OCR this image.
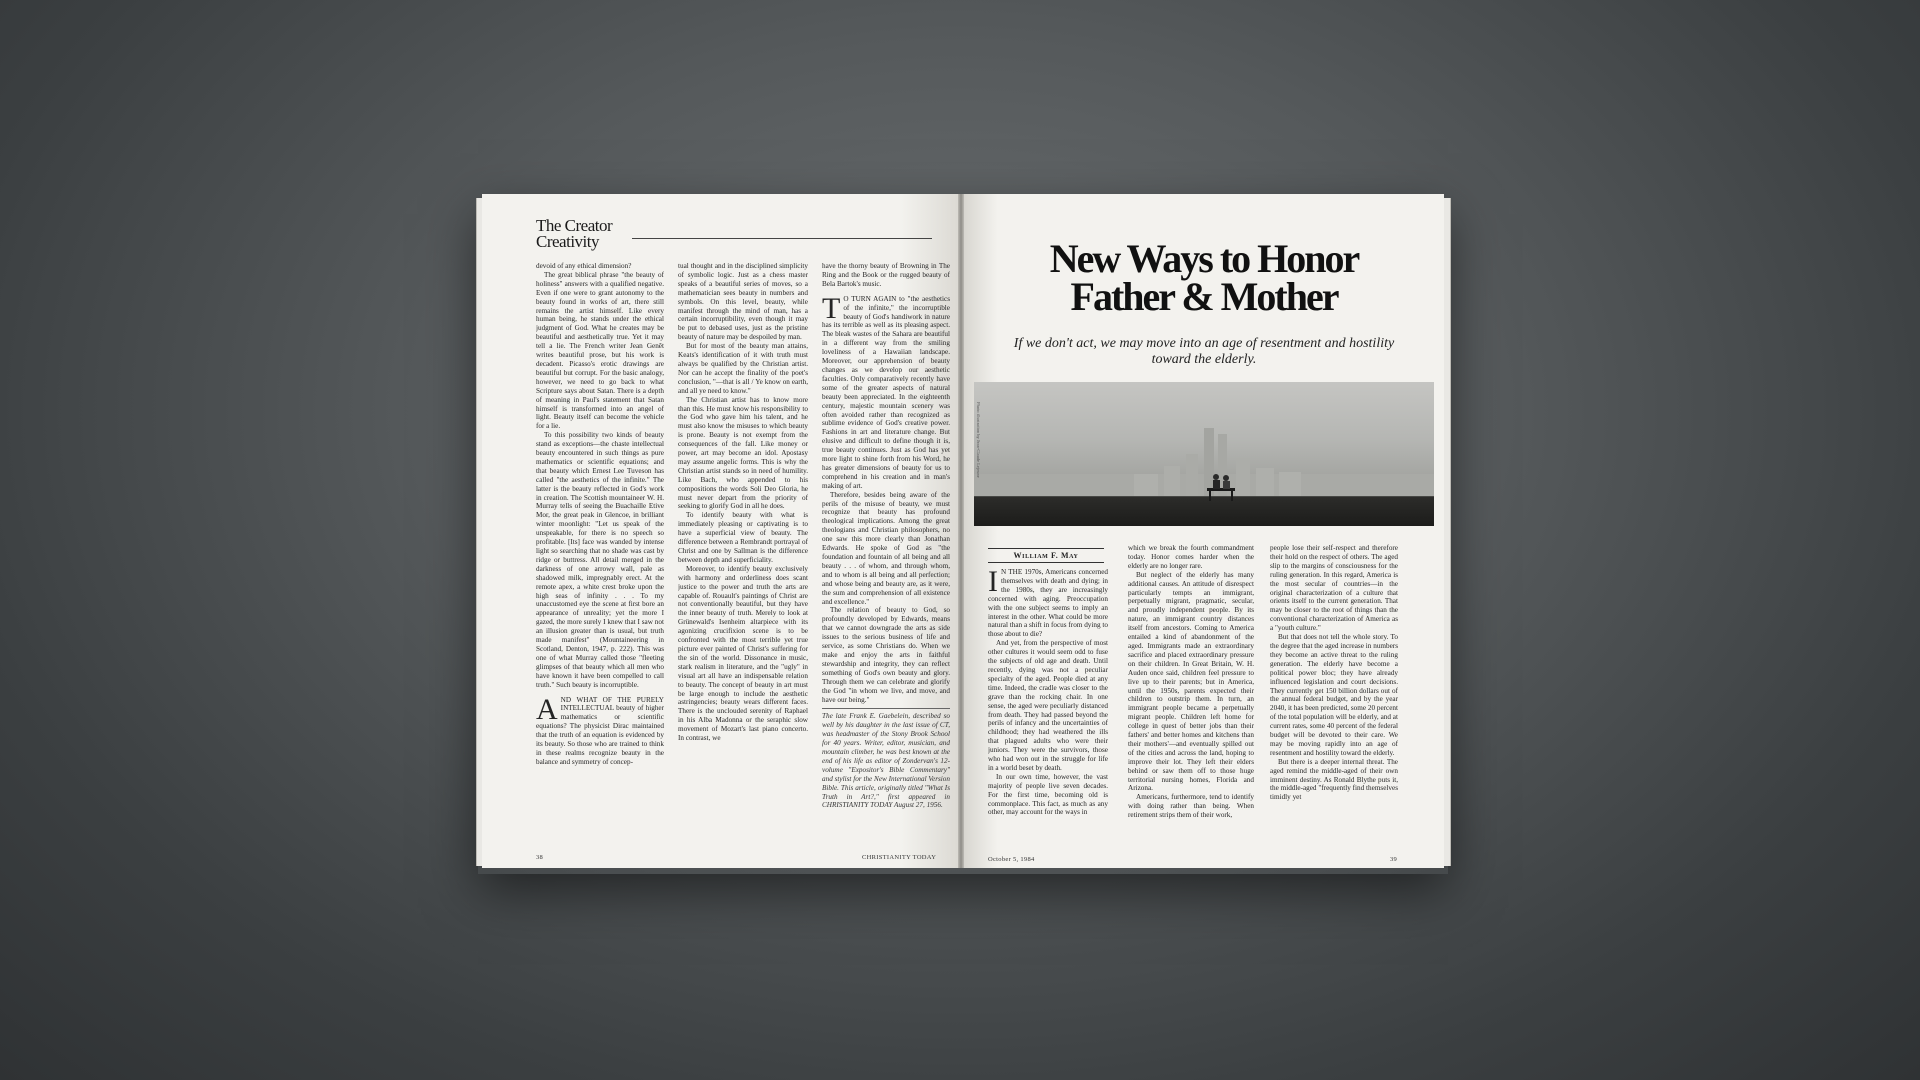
The Creator
Creativity

devoid of any ethical dimension?

The great biblical phrase "the beauty of holiness" answers with a qualified negative. Even if one were to grant autonomy to the beauty found in works of art, there still remains the artist himself. Like every human being, he stands under the ethical judgment of God. What he creates may be beautiful and aesthetically true. Yet it may tell a lie. The French writer Jean Genêt writes beautiful prose, but his work is decadent. Picasso's erotic drawings are beautiful but corrupt. For the basic analogy, however, we need to go back to what Scripture says about Satan. There is a depth of meaning in Paul's statement that Satan himself is transformed into an angel of light. Beauty itself can become the vehicle for a lie.

To this possibility two kinds of beauty stand as exceptions—the chaste intellectual beauty encountered in such things as pure mathematics or scientific equations; and that beauty which Ernest Lee Tuveson has called "the aesthetics of the infinite." The latter is the beauty reflected in God's work in creation. The Scottish mountaineer W. H. Murray tells of seeing the Buachaille Etive Mor, the great peak in Glencoe, in brilliant winter moonlight: "Let us speak of the unspeakable, for there is no speech so profitable. [Its] face was wanded by intense light so searching that no shade was cast by ridge or buttress. All detail merged in the darkness of one arrowy wall, pale as shadowed milk, impregnably erect. At the remote apex, a white crest broke upon the high seas of infinity . . . To my unaccustomed eye the scene at first bore an appearance of unreality; yet the more I gazed, the more surely I knew that I saw not an illusion greater than is usual, but truth made manifest" (Mountaineering in Scotland, Denton, 1947, p. 222). This was one of what Murray called those "fleeting glimpses of that beauty which all men who have known it have been compelled to call truth." Such beauty is incorruptible.

AND WHAT OF THE PURELY INTELLECTUAL beauty of higher mathematics or scientific equations? The physicist Dirac maintained that the truth of an equation is evidenced by its beauty. So those who are trained to think in these realms recognize beauty in the balance and symmetry of concep-

tual thought and in the disciplined simplicity of symbolic logic. Just as a chess master speaks of a beautiful series of moves, so a mathematician sees beauty in numbers and symbols. On this level, beauty, while manifest through the mind of man, has a certain incorruptibility, even though it may be put to debased uses, just as the pristine beauty of nature may be despoiled by man.

But for most of the beauty man attains, Keats's identification of it with truth must always be qualified by the Christian artist. Nor can he accept the finality of the poet's conclusion, "—that is all / Ye know on earth, and all ye need to know."

The Christian artist has to know more than this. He must know his responsibility to the God who gave him his talent, and he must also know the misuses to which beauty is prone. Beauty is not exempt from the consequences of the fall. Like money or power, art may become an idol. Apostasy may assume angelic forms. This is why the Christian artist stands so in need of humility. Like Bach, who appended to his compositions the words Soli Deo Gloria, he must never depart from the priority of seeking to glorify God in all he does.

To identify beauty with what is immediately pleasing or captivating is to have a superficial view of beauty. The difference between a Rembrandt portrayal of Christ and one by Sallman is the difference between depth and superficiality.

Moreover, to identify beauty exclusively with harmony and orderliness does scant justice to the power and truth the arts are capable of. Rouault's paintings of Christ are not conventionally beautiful, but they have the inner beauty of truth. Merely to look at Grünewald's Isenheim altarpiece with its agonizing crucifixion scene is to be confronted with the most terrible yet true picture ever painted of Christ's suffering for the sin of the world. Dissonance in music, stark realism in literature, and the "ugly" in visual art all have an indispensable relation to beauty. The concept of beauty in art must be large enough to include the aesthetic astringencies; beauty wears different faces. There is the unclouded serenity of Raphael in his Alba Madonna or the seraphic slow movement of Mozart's last piano concerto. In contrast, we

have the thorny beauty of Browning in The Ring and the Book or the rugged beauty of Bela Bartok's music.

T O TURN AGAIN to "the aesthetics of the infinite," the incorruptible beauty of God's handiwork in nature has its terrible as well as its pleasing aspect. The bleak wastes of the Sahara are beautiful in a different way from the smiling loveliness of a Hawaiian landscape. Moreover, our apprehension of beauty changes as we develop our aesthetic faculties. Only comparatively recently have some of the greater aspects of natural beauty been appreciated. In the eighteenth century, majestic mountain scenery was often avoided rather than recognized as sublime evidence of God's creative power. Fashions in art and literature change. But elusive and difficult to define though it is, true beauty continues. Just as God has yet more light to shine forth from his Word, he has greater dimensions of beauty for us to comprehend in his creation and in man's making of art.

Therefore, besides being aware of the perils of the misuse of beauty, we must recognize that beauty has profound theological implications. Among the great theologians and Christian philosophers, no one saw this more clearly than Jonathan Edwards. He spoke of God as "the foundation and fountain of all being and all beauty . . . of whom, and through whom, and to whom is all being and all perfection; and whose being and beauty are, as it were, the sum and comprehension of all existence and excellence."

The relation of beauty to God, so profoundly developed by Edwards, means that we cannot downgrade the arts as side issues to the serious business of life and service, as some Christians do. When we make and enjoy the arts in faithful stewardship and integrity, they can reflect something of God's own beauty and glory. Through them we can celebrate and glorify the God "in whom we live, and move, and have our being."

The late Frank E. Gaebelein, described so well by his daughter in the last issue of CT, was headmaster of the Stony Brook School for 40 years. Writer, editor, musician, and mountain climber, he was best known at the end of his life as editor of Zondervan's 12-volume "Expositor's Bible Commentary" and stylist for the New International Version Bible. This article, originally titled "What Is Truth in Art?," first appeared in CHRISTIANITY TODAY August 27, 1956.

38	CHRISTIANITY TODAY
New Ways to Honor
Father & Mother
If we don't act, we may move into an age of resentment and hostility toward the elderly.
Photo illustration by Jean-Claude Lejeune
William F. May

I N THE 1970s, Americans concerned themselves with death and dying; in the 1980s, they are increasingly concerned with aging. Preoccupation with the one subject seems to imply an interest in the other. What could be more natural than a shift in focus from dying to those about to die?

And yet, from the perspective of most other cultures it would seem odd to fuse the subjects of old age and death. Until recently, dying was not a peculiar specialty of the aged. People died at any time. Indeed, the cradle was closer to the grave than the rocking chair. In one sense, the aged were peculiarly distanced from death. They had passed beyond the perils of infancy and the uncertainties of childhood; they had weathered the ills that plagued adults who were their juniors. They were the survivors, those who had won out in the struggle for life in a world beset by death.

In our own time, however, the vast majority of people live seven decades. For the first time, becoming old is commonplace. This fact, as much as any other, may account for the ways in

which we break the fourth commandment today. Honor comes harder when the elderly are no longer rare.

But neglect of the elderly has many additional causes. An attitude of disrespect particularly tempts an immigrant, perpetually migrant, pragmatic, secular, and proudly independent people. By its nature, an immigrant country distances itself from ancestors. Coming to America entailed a kind of abandonment of the aged. Immigrants made an extraordinary sacrifice and placed extraordinary pressure on their children. In Great Britain, W. H. Auden once said, children feel pressure to live up to their parents; but in America, until the 1950s, parents expected their children to outstrip them. In turn, an immigrant people became a perpetually migrant people. Children left home for college in quest of better jobs than their fathers' and better homes and kitchens than their mothers'—and eventually spilled out of the cities and across the land, hoping to improve their lot. They left their elders behind or saw them off to those huge territorial nursing homes, Florida and Arizona.

Americans, furthermore, tend to identify with doing rather than being. When retirement strips them of their work,

people lose their self-respect and therefore their hold on the respect of others. The aged slip to the margins of consciousness for the ruling generation. In this regard, America is the most secular of countries—in the original characterization of a culture that orients itself to the current generation. That may be closer to the root of things than the conventional characterization of America as a "youth culture."

But that does not tell the whole story. To the degree that the aged increase in numbers they become an active threat to the ruling generation. The elderly have become a political power bloc; they have already influenced legislation and court decisions. They currently get 150 billion dollars out of the annual federal budget, and by the year 2040, it has been predicted, some 20 percent of the total population will be elderly, and at current rates, some 40 percent of the federal budget will be devoted to their care. We may be moving rapidly into an age of resentment and hostility toward the elderly.

But there is a deeper internal threat. The aged remind the middle-aged of their own imminent destiny. As Ronald Blythe puts it, the middle-aged "frequently find themselves timidly yet

October 5, 1984	39
